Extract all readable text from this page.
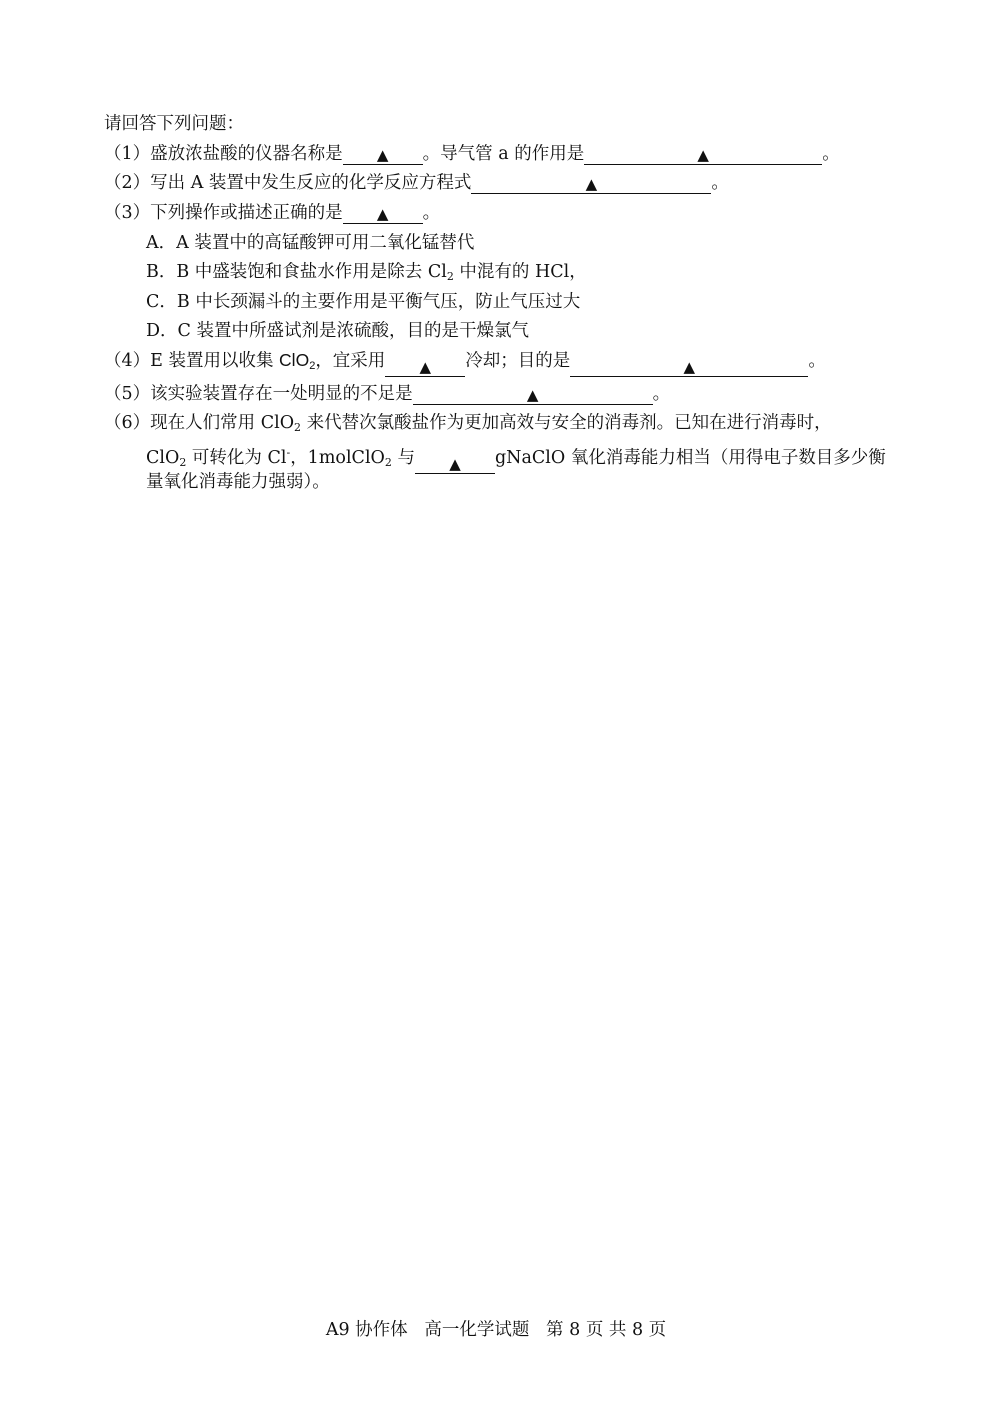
请回答下列问题：
（1）盛放浓盐酸的仪器名称是 ▲ 。导气管 a 的作用是	▲	。
（2）写出 A 装置中发生反应的化学反应方程式	▲	。
（3）下列操作或描述正确的是 ▲ 。
A．A 装置中的高锰酸钾可用二氧化锰替代
B．B 中盛装饱和食盐水作用是除去 $Cl_2$ 中混有的 HCl，
C．B 中长颈漏斗的主要作用是平衡气压，防止气压过大
D．C 装置中所盛试剂是浓硫酸，目的是干燥氯气
（4）E 装置用以收集 ClO$_2$，宜采用 ▲ 冷却；目的是	▲	。
（5）该实验装置存在一处明显的不足是	▲	。
（6）现在人们常用 ClO$_2$ 来代替次氯酸盐作为更加高效与安全的消毒剂。已知在进行消毒时，
ClO$_2$ 可转化为 Cl-，1molClO$_2$ 与 ▲ gNaClO 氧化消毒能力相当（用得电子数目多少衡
量氧化消毒能力强弱）。
A9 协作体   高一化学试题   第 8 页 共 8 页
